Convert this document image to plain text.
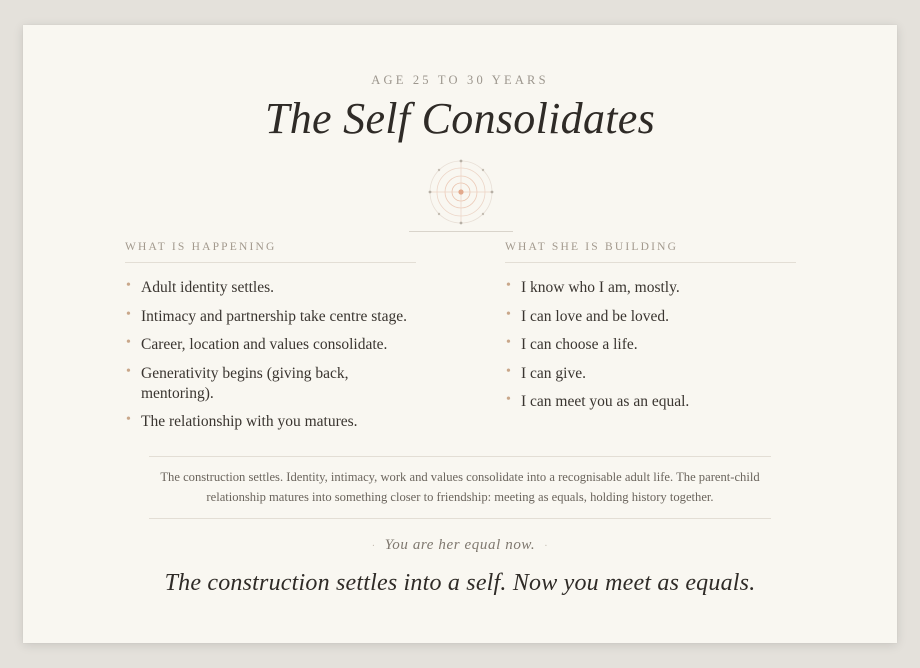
AGE 25 TO 30 YEARS
The Self Consolidates
WHAT IS HAPPENING
• Adult identity settles.
• Intimacy and partnership take centre stage.
• Career, location and values consolidate.
• Generativity begins (giving back, mentoring).
• The relationship with you matures.
WHAT SHE IS BUILDING
• I know who I am, mostly.
• I can love and be loved.
• I can choose a life.
• I can give.
• I can meet you as an equal.
The construction settles. Identity, intimacy, work and values consolidate into a recognisable adult life. The parent-child relationship matures into something closer to friendship: meeting as equals, holding history together.
· You are her equal now. ·
The construction settles into a self. Now you meet as equals.
